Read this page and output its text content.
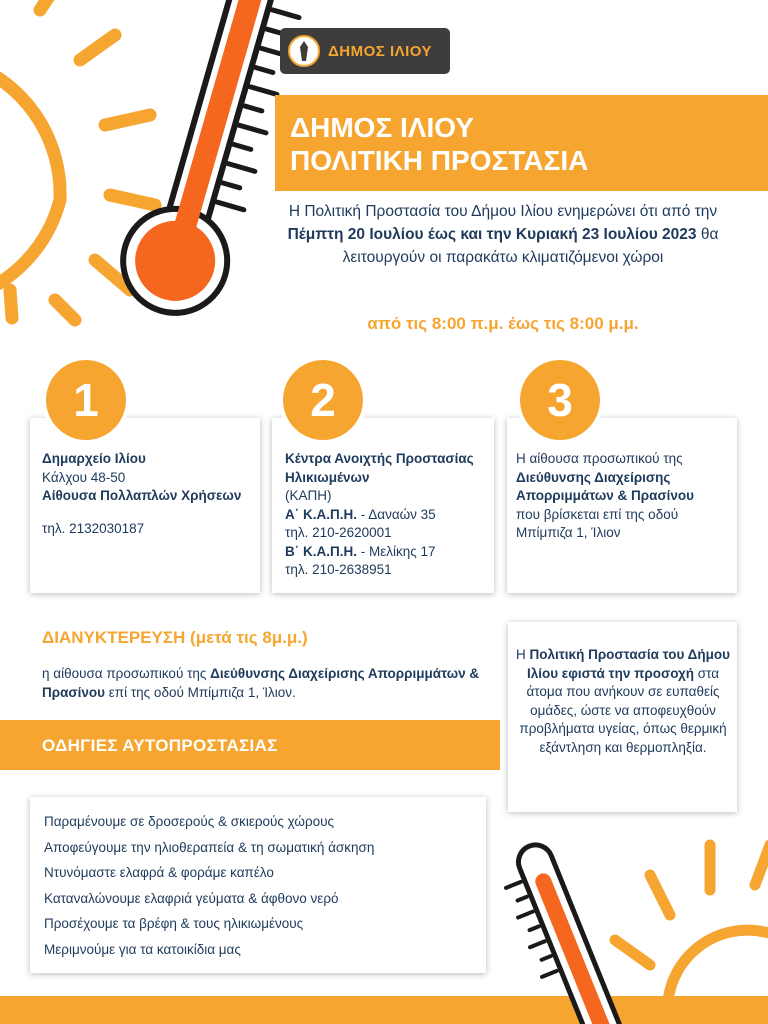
ΔΗΜΟΣ ΙΛΙΟΥ
ΔΗΜΟΣ ΙΛΙΟΥ
ΠΟΛΙΤΙΚΗ ΠΡΟΣΤΑΣΙΑ
Η Πολιτική Προστασία του Δήμου Ιλίου ενημερώνει ότι από την Πέμπτη 20 Ιουλίου έως και την Κυριακή 23 Ιουλίου 2023 θα λειτουργούν οι παρακάτω κλιματιζόμενοι χώροι
από τις 8:00 π.μ. έως τις 8:00 μ.μ.
1
Δημαρχείο Ιλίου
Κάλχου 48-50
Αίθουσα Πολλαπλών Χρήσεων

τηλ. 2132030187
2
Κέντρα Ανοιχτής Προστασίας Ηλικιωμένων
(ΚΑΠΗ)
Α΄ Κ.Α.Π.Η. - Δαναών 35
τηλ. 210-2620001
Β΄ Κ.Α.Π.Η. - Μελίκης 17
τηλ. 210-2638951
3
Η αίθουσα προσωπικού της
Διεύθυνσης Διαχείρισης Απορριμμάτων & Πρασίνου
που βρίσκεται επί της οδού Μπίμπιζα 1, Ίλιον
ΔΙΑΝΥΚΤΕΡΕΥΣΗ (μετά τις 8μ.μ.)
η αίθουσα προσωπικού της Διεύθυνσης Διαχείρισης Απορριμμάτων & Πρασίνου επί της οδού Μπίμπιζα 1, Ίλιον.
Η Πολιτική Προστασία του Δήμου Ιλίου εφιστά την προσοχή στα άτομα που ανήκουν σε ευπαθείς ομάδες, ώστε να αποφευχθούν προβλήματα υγείας, όπως θερμική εξάντληση και θερμοπληξία.
ΟΔΗΓΙΕΣ ΑΥΤΟΠΡΟΣΤΑΣΙΑΣ
Παραμένουμε σε δροσερούς & σκιερούς χώρους
Αποφεύγουμε την ηλιοθεραπεία & τη σωματική άσκηση
Ντυνόμαστε ελαφρά & φοράμε καπέλο
Καταναλώνουμε ελαφριά γεύματα & άφθονο νερό
Προσέχουμε τα βρέφη & τους ηλικιωμένους
Μεριμνούμε για τα κατοικίδια μας
